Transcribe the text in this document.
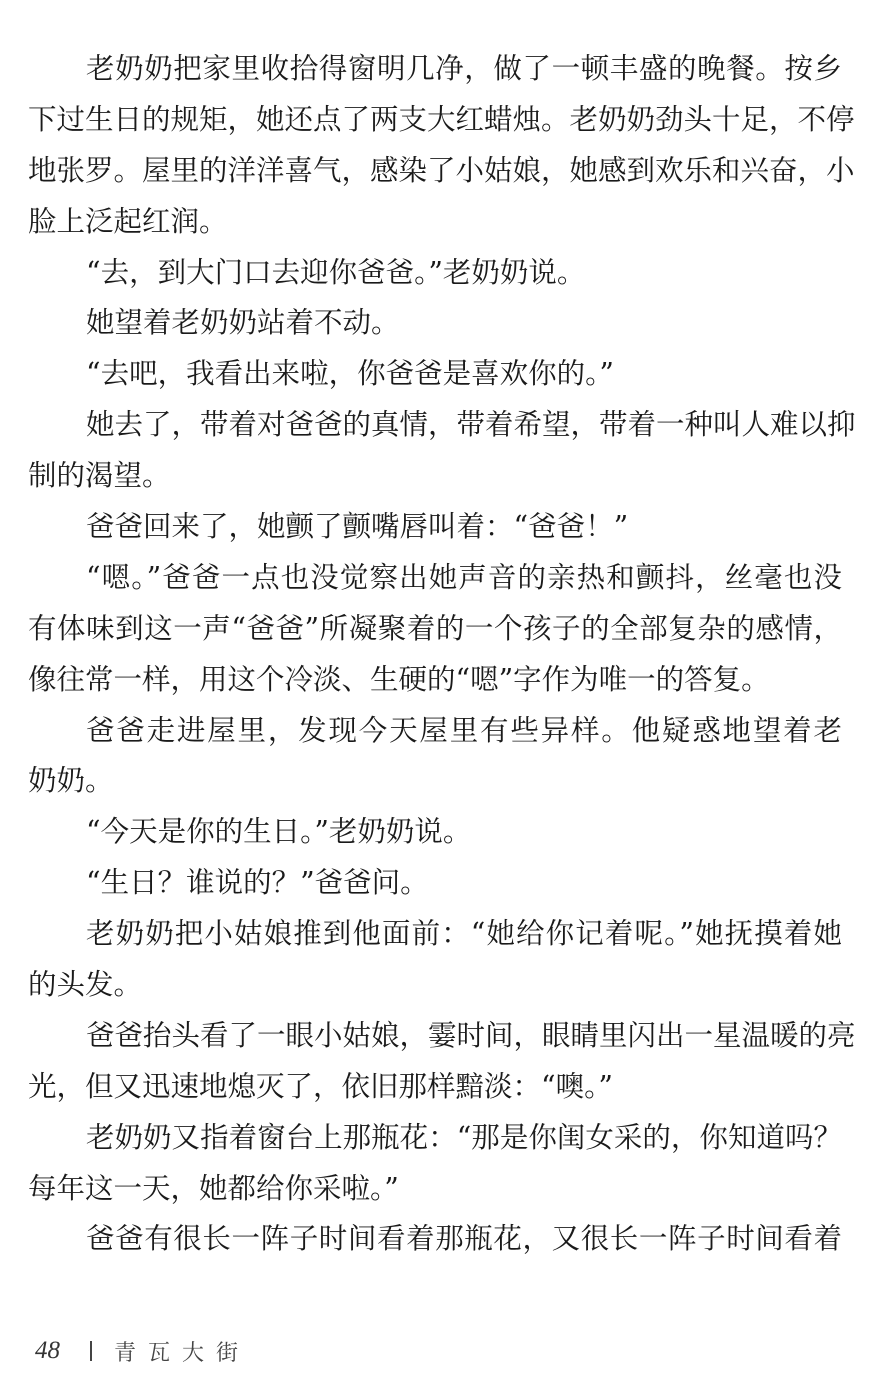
老奶奶把家里收拾得窗明几净，做了一顿丰盛的晚餐。按乡
下过生日的规矩，她还点了两支大红蜡烛。老奶奶劲头十足，不停
地张罗。屋里的洋洋喜气，感染了小姑娘，她感到欢乐和兴奋，小
脸上泛起红润。
“去，到大门口去迎你爸爸。”老奶奶说。
她望着老奶奶站着不动。
“去吧，我看出来啦，你爸爸是喜欢你的。”
她去了，带着对爸爸的真情，带着希望，带着一种叫人难以抑
制的渴望。
爸爸回来了，她颤了颤嘴唇叫着：“爸爸！”
“嗯。”爸爸一点也没觉察出她声音的亲热和颤抖，丝毫也没
有体味到这一声“爸爸”所凝聚着的一个孩子的全部复杂的感情，
像往常一样，用这个冷淡、生硬的“嗯”字作为唯一的答复。
爸爸走进屋里，发现今天屋里有些异样。他疑惑地望着老
奶奶。
“今天是你的生日。”老奶奶说。
“生日？谁说的？”爸爸问。
老奶奶把小姑娘推到他面前：“她给你记着呢。”她抚摸着她
的头发。
爸爸抬头看了一眼小姑娘，霎时间，眼睛里闪出一星温暖的亮
光，但又迅速地熄灭了，依旧那样黯淡：“噢。”
老奶奶又指着窗台上那瓶花：“那是你闺女采的，你知道吗？
每年这一天，她都给你采啦。”
爸爸有很长一阵子时间看着那瓶花，又很长一阵子时间看着
48 青瓦大街
